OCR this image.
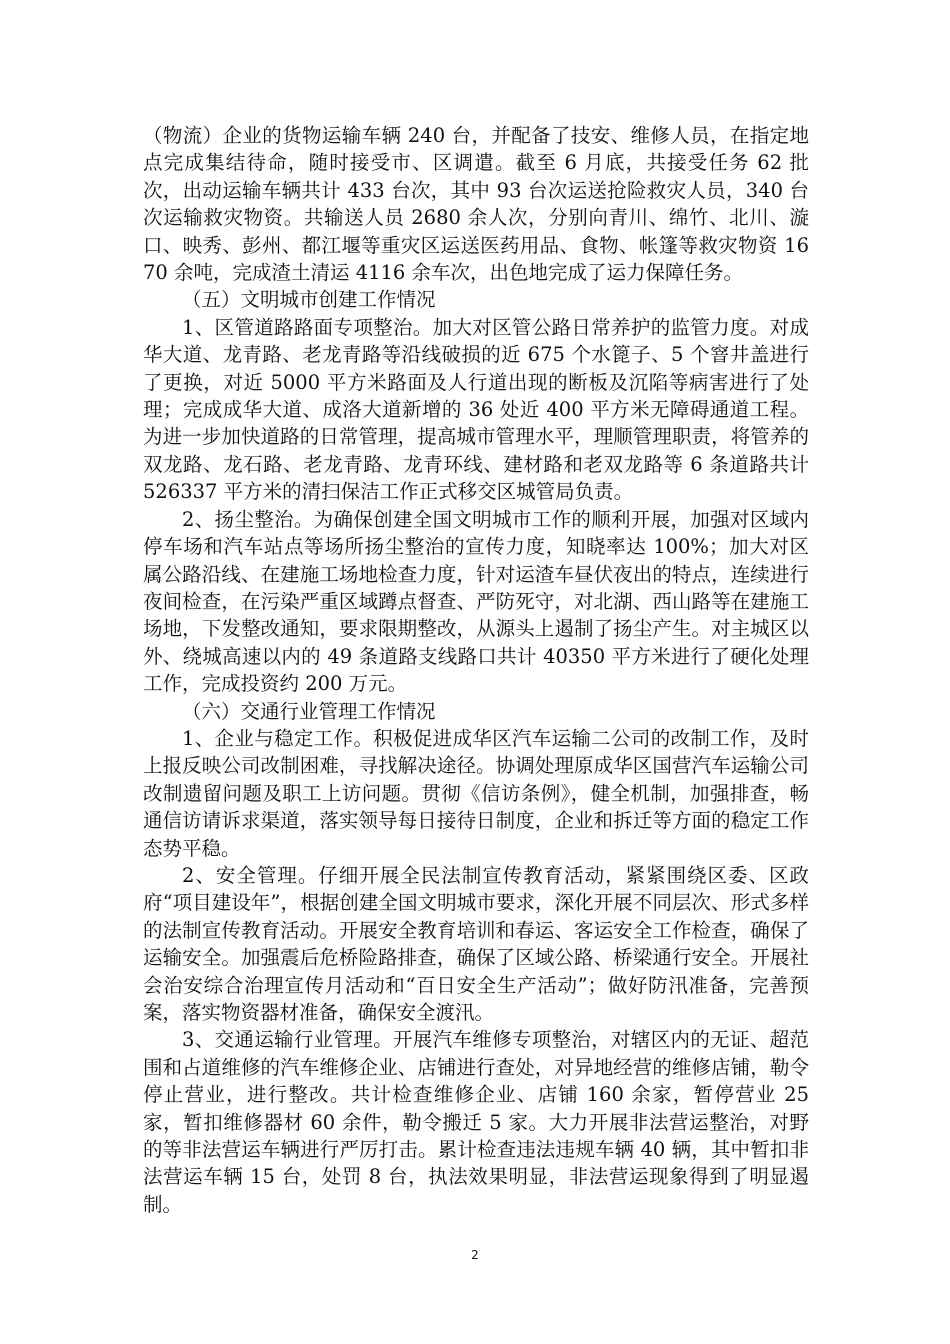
（物流）企业的货物运输车辆 240 台，并配备了技安、维修人员，在指定地点完成集结待命，随时接受市、区调遣。截至 6 月底，共接受任务 62 批次，出动运输车辆共计 433 台次，其中 93 台次运送抢险救灾人员，340 台次运输救灾物资。共输送人员 2680 余人次，分别向青川、绵竹、北川、漩口、映秀、彭州、都江堰等重灾区运送医药用品、食物、帐篷等救灾物资 1670 余吨，完成渣土清运 4116 余车次，出色地完成了运力保障任务。

（五）文明城市创建工作情况

1、区管道路路面专项整治。加大对区管公路日常养护的监管力度。对成华大道、龙青路、老龙青路等沿线破损的近 675 个水篦子、5 个窨井盖进行了更换，对近 5000 平方米路面及人行道出现的断板及沉陷等病害进行了处理；完成成华大道、成洛大道新增的 36 处近 400 平方米无障碍通道工程。为进一步加快道路的日常管理，提高城市管理水平，理顺管理职责，将管养的双龙路、龙石路、老龙青路、龙青环线、建材路和老双龙路等 6 条道路共计 526337 平方米的清扫保洁工作正式移交区城管局负责。

2、扬尘整治。为确保创建全国文明城市工作的顺利开展，加强对区域内停车场和汽车站点等场所扬尘整治的宣传力度，知晓率达 100%；加大对区属公路沿线、在建施工场地检查力度，针对运渣车昼伏夜出的特点，连续进行夜间检查，在污染严重区域蹲点督查、严防死守，对北湖、西山路等在建施工场地，下发整改通知，要求限期整改，从源头上遏制了扬尘产生。对主城区以外、绕城高速以内的 49 条道路支线路口共计 40350 平方米进行了硬化处理工作，完成投资约 200 万元。

（六）交通行业管理工作情况

1、企业与稳定工作。积极促进成华区汽车运输二公司的改制工作，及时上报反映公司改制困难，寻找解决途径。协调处理原成华区国营汽车运输公司改制遗留问题及职工上访问题。贯彻《信访条例》，健全机制，加强排查，畅通信访请诉求渠道，落实领导每日接待日制度，企业和拆迁等方面的稳定工作态势平稳。

2、安全管理。仔细开展全民法制宣传教育活动，紧紧围绕区委、区政府“项目建设年”，根据创建全国文明城市要求，深化开展不同层次、形式多样的法制宣传教育活动。开展安全教育培训和春运、客运安全工作检查，确保了运输安全。加强震后危桥险路排查，确保了区域公路、桥梁通行安全。开展社会治安综合治理宣传月活动和“百日安全生产活动”；做好防汛准备，完善预案，落实物资器材准备，确保安全渡汛。

3、交通运输行业管理。开展汽车维修专项整治，对辖区内的无证、超范围和占道维修的汽车维修企业、店铺进行查处，对异地经营的维修店铺，勒令停止营业，进行整改。共计检查维修企业、店铺 160 余家，暂停营业 25 家，暂扣维修器材 60 余件，勒令搬迁 5 家。大力开展非法营运整治，对野的等非法营运车辆进行严厉打击。累计检查违法违规车辆 40 辆，其中暂扣非法营运车辆 15 台，处罚 8 台，执法效果明显，非法营运现象得到了明显遏制。

2
